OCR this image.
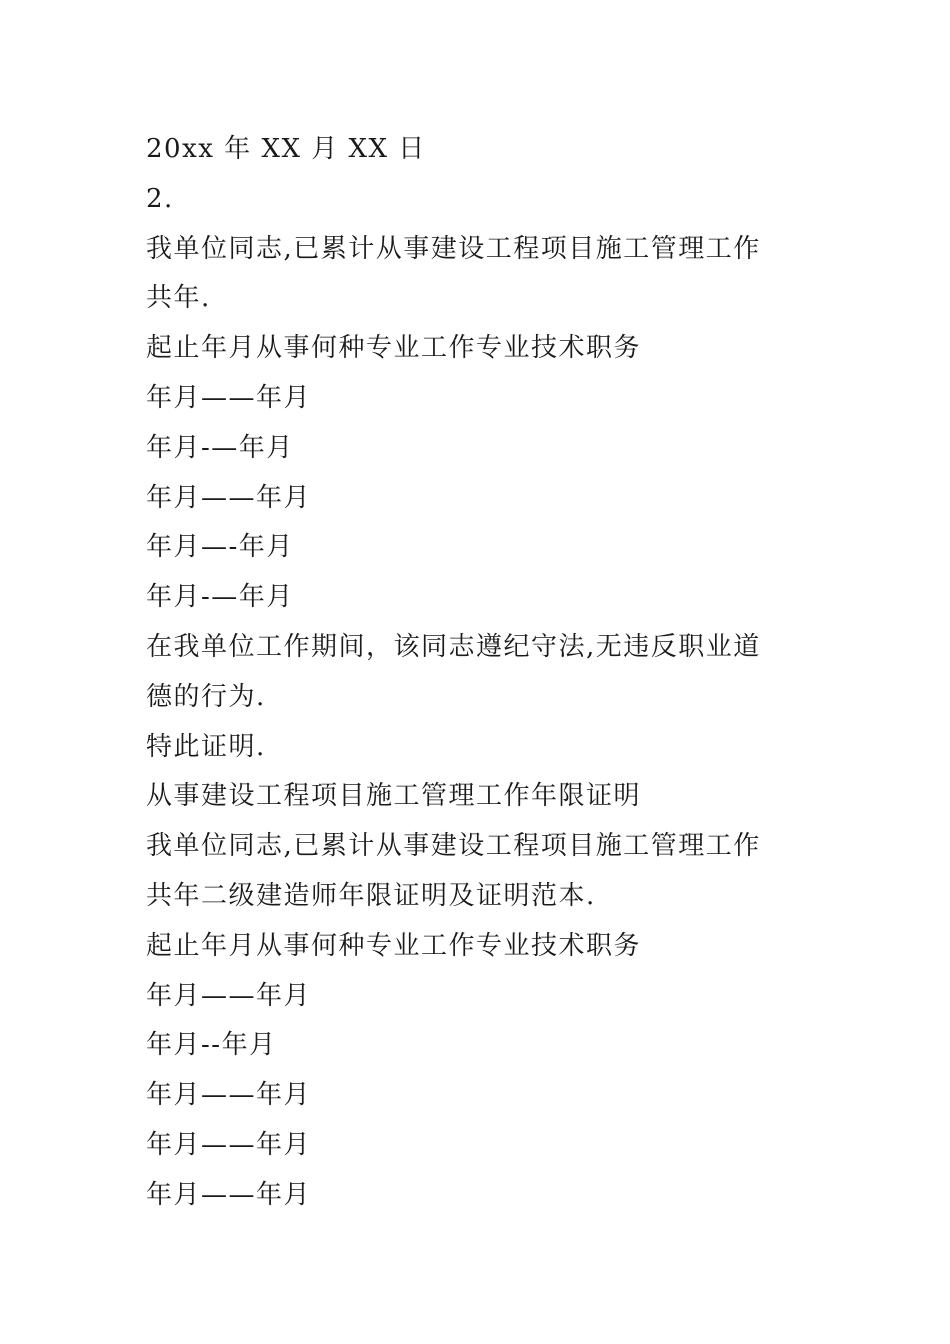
20xx 年 XX 月 XX 日
2.
我单位同志,已累计从事建设工程项目施工管理工作
共年.
起止年月从事何种专业工作专业技术职务
年月——年月
年月-—年月
年月——年月
年月—-年月
年月-—年月
在我单位工作期间，该同志遵纪守法,无违反职业道
德的行为.
特此证明.
从事建设工程项目施工管理工作年限证明
我单位同志,已累计从事建设工程项目施工管理工作
共年二级建造师年限证明及证明范本.
起止年月从事何种专业工作专业技术职务
年月——年月
年月--年月
年月——年月
年月——年月
年月——年月
